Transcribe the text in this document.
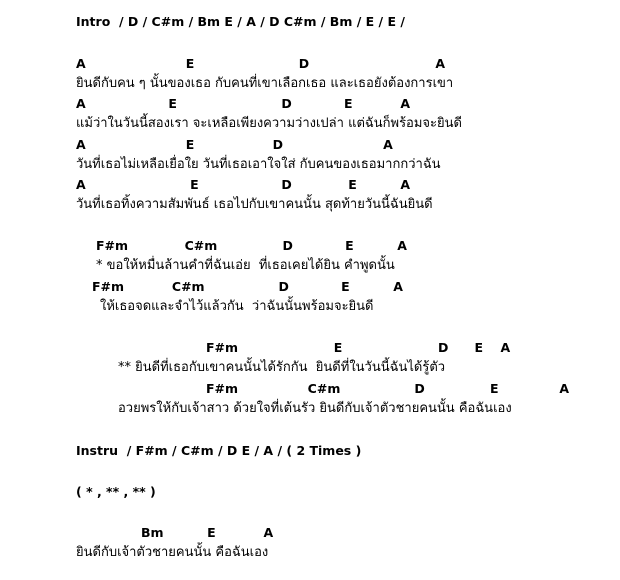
Intro  / D / C#m / Bm E / A / D C#m / Bm / E / E /
A                       E                        D                             A
ยินดีกับคน ๆ นั้นของเธอ กับคนที่เขาเลือกเธอ และเธอยังต้องการเขา
A                   E                        D            E           A
แม้ว่าในวันนี้สองเรา จะเหลือเพียงความว่างเปล่า แต่ฉันก็พร้อมจะยินดี
A                       E                  D                       A
วันที่เธอไม่เหลือเยื่อใย วันที่เธอเอาใจใส่ กับคนของเธอมากกว่าฉัน
A                        E                   D             E          A
วันที่เธอทิ้งความสัมพันธ์ เธอไปกับเขาคนนั้น สุดท้ายวันนี้ฉันยินดี
F#m             C#m               D            E          A
* ขอให้หมื่นล้านคำที่ฉันเอ่ย  ที่เธอเคยได้ยิน คำพูดนั้น
F#m           C#m                 D            E          A
ให้เธอจดและจำไว้แล้วกัน  ว่าฉันนั้นพร้อมจะยินดี
F#m                      E                      D      E    A
** ยินดีที่เธอกับเขาคนนั้นได้รักกัน  ยินดีที่ในวันนี้ฉันได้รู้ตัว
F#m                C#m                 D               E              A
อวยพรให้กับเจ้าสาว ด้วยใจที่เต้นรัว ยินดีกับเจ้าตัวชายคนนั้น คือฉันเอง
Instru  / F#m / C#m / D E / A / ( 2 Times )
( * , ** , ** )
Bm          E           A
ยินดีกับเจ้าตัวชายคนนั้น คือฉันเอง
